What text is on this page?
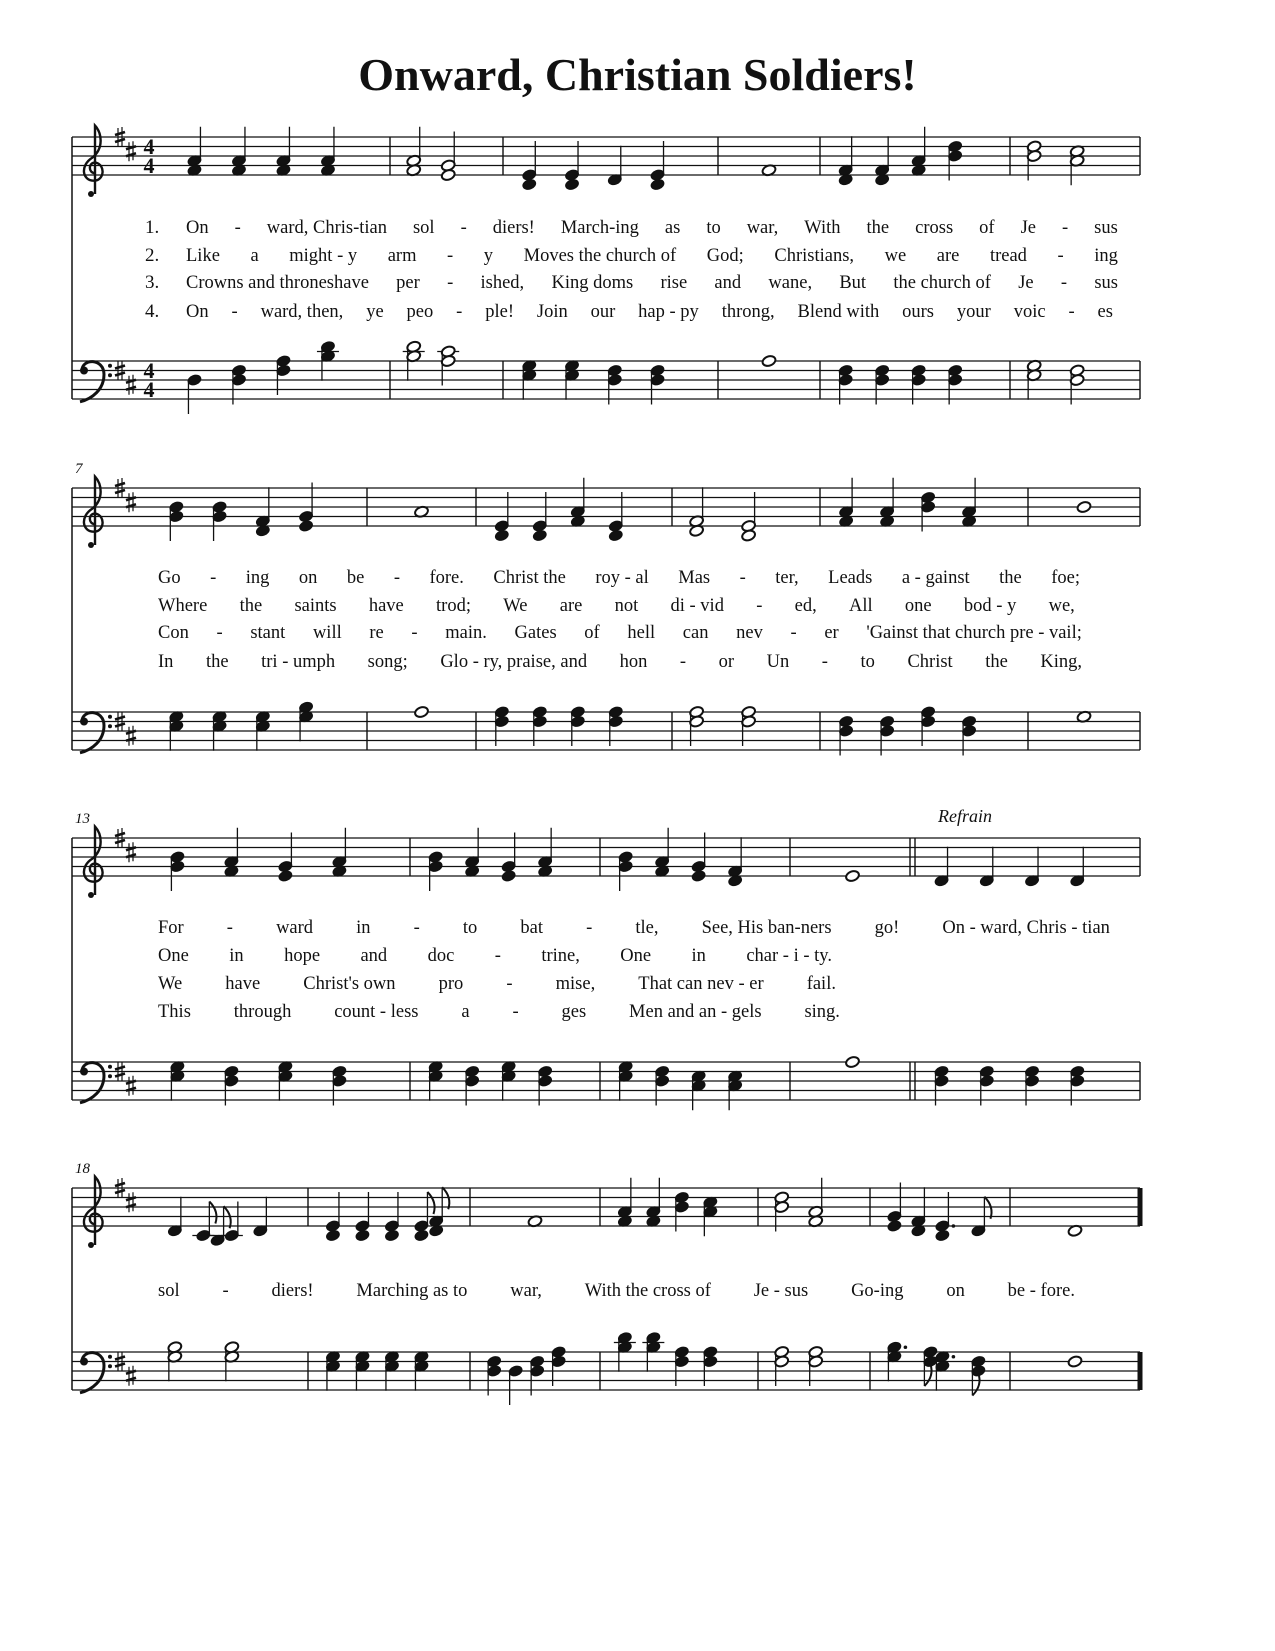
Onward, Christian Soldiers!
4
4
4
4
1. On - ward, Chris-tian sol - diers! March-ing as to war, With the cross of Je - sus
2. Like a might - y arm - y Moves the church of God; Christians, we are tread - ing
3. Crowns and throneshave per - ished, King doms rise and wane, But the church of Je - sus
4. On - ward, then, ye peo - ple! Join our hap - py throng, Blend with ours your voic - es
7
Go - ing on be - fore. Christ the roy - al Mas - ter, Leads a - gainst the foe;
Where the saints have trod; We are not di - vid - ed, All one bod - y we,
Con - stant will re - main. Gates of hell can nev - er 'Gainst that church pre - vail;
In the tri - umph song; Glo - ry, praise, and hon - or Un - to Christ the King,
13
For - ward in - to bat - tle, See, His ban-ners go! On - ward, Chris - tian
One in hope and doc - trine, One in char - i - ty.
We have Christ's own pro - mise, That can nev - er fail.
This through count - less a - ges Men and an - gels sing.
18
sol - diers! Marching as to war, With the cross of Je - sus Go-ing on be - fore.
Refrain
